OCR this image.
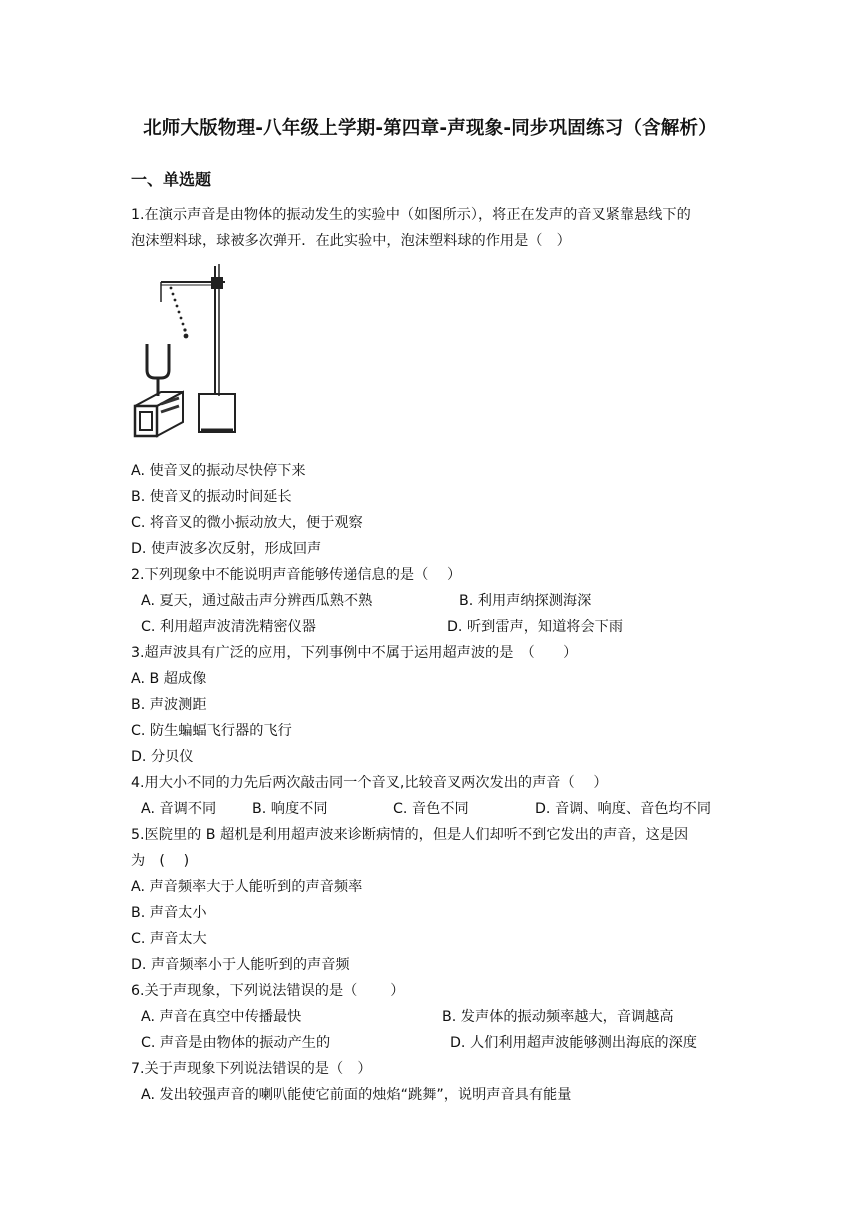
北师大版物理-八年级上学期-第四章-声现象-同步巩固练习（含解析）
一、单选题
1.在演示声音是由物体的振动发生的实验中（如图所示），将正在发声的音叉紧靠悬线下的
泡沫塑料球，球被多次弹开．在此实验中，泡沫塑料球的作用是（　）
A. 使音叉的振动尽快停下来
B. 使音叉的振动时间延长
C. 将音叉的微小振动放大，便于观察
D. 使声波多次反射，形成回声
2.下列现象中不能说明声音能够传递信息的是（　 ）
A. 夏天，通过敲击声分辨西瓜熟不熟	B. 利用声纳探测海深
C. 利用超声波清洗精密仪器	D. 听到雷声，知道将会下雨
3.超声波具有广泛的应用，下列事例中不属于运用超声波的是　（　　）
A. B 超成像
B. 声波测距
C. 防生蝙蝠飞行器的飞行
D. 分贝仪
4.用大小不同的力先后两次敲击同一个音叉,比较音叉两次发出的声音（　 ）
A. 音调不同	B. 响度不同	C. 音色不同	D. 音调、响度、音色均不同
5.医院里的 B 超机是利用超声波来诊断病情的，但是人们却听不到它发出的声音，这是因
为　(　 )
A. 声音频率大于人能听到的声音频率
B. 声音太小
C. 声音太大
D. 声音频率小于人能听到的声音频
6.关于声现象，下列说法错误的是（　　 ）
A. 声音在真空中传播最快	B. 发声体的振动频率越大，音调越高
C. 声音是由物体的振动产生的	D. 人们利用超声波能够测出海底的深度
7.关于声现象下列说法错误的是（　）
A. 发出较强声音的喇叭能使它前面的烛焰“跳舞”，说明声音具有能量
